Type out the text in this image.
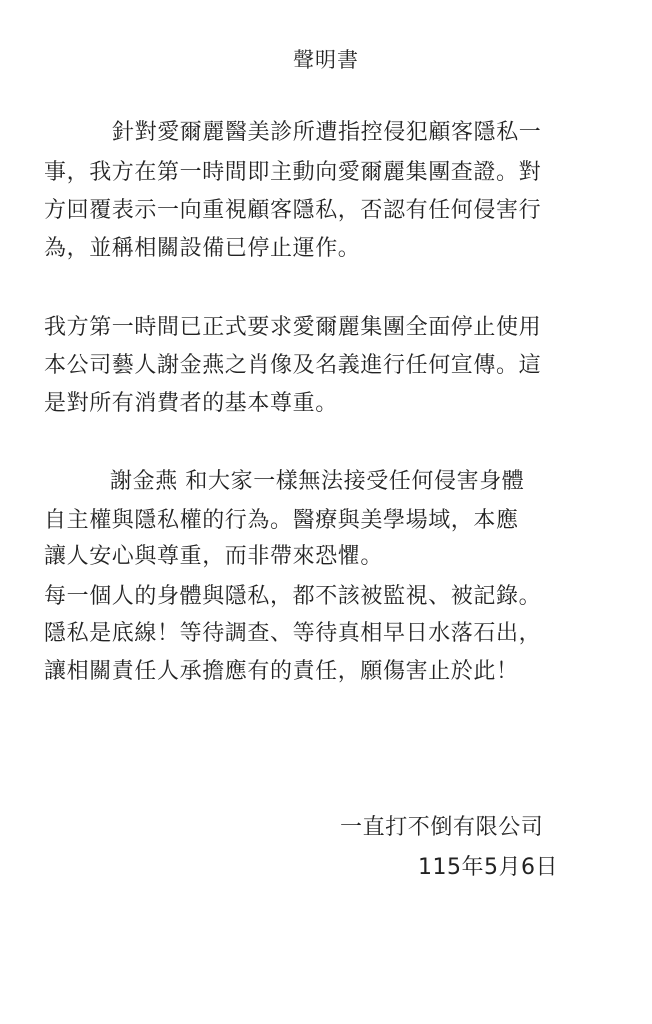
聲明書
針對愛爾麗醫美診所遭指控侵犯顧客隱私一
事，我方在第一時間即主動向愛爾麗集團查證。對
方回覆表示一向重視顧客隱私，否認有任何侵害行
為，並稱相關設備已停止運作。
我方第一時間已正式要求愛爾麗集團全面停止使用
本公司藝人謝金燕之肖像及名義進行任何宣傳。這
是對所有消費者的基本尊重。
謝金燕 和大家一樣無法接受任何侵害身體
自主權與隱私權的行為。醫療與美學場域，本應
讓人安心與尊重，而非帶來恐懼。
每一個人的身體與隱私，都不該被監視、被記錄。
隱私是底線！等待調查、等待真相早日水落石出，
讓相關責任人承擔應有的責任，願傷害止於此！
一直打不倒有限公司
115年5月6日
